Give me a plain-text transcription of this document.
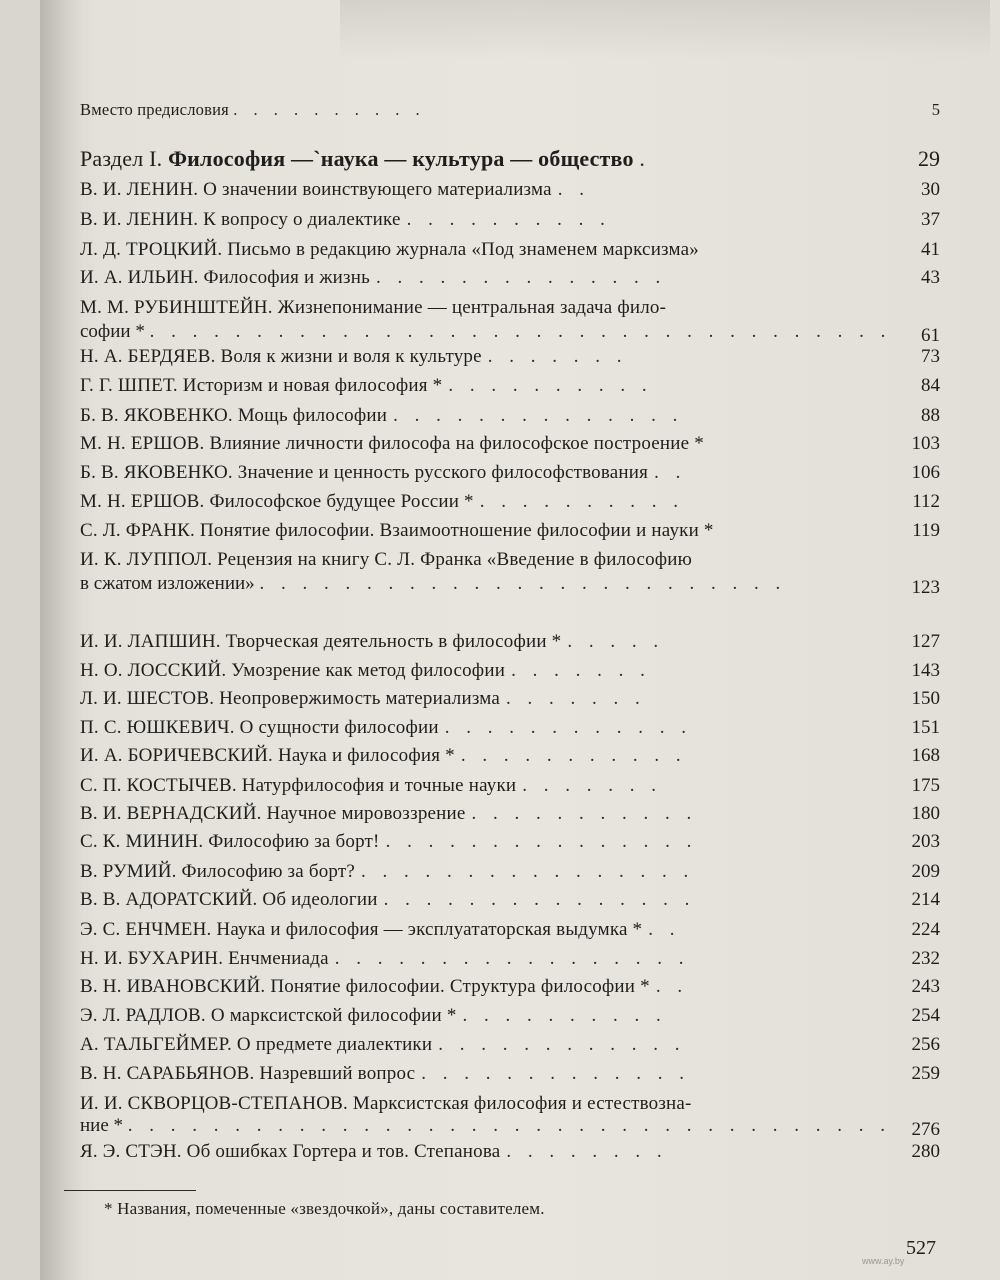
Вместо предисловия . . . . . . . . . .	5
Раздел I. Философия —`наука — культура — общество .	29
В. И. ЛЕНИН. О значении воинствующего материализма . .	30
В. И. ЛЕНИН. К вопросу о диалектике . . . . . . . . . .	37
Л. Д. ТРОЦКИЙ. Письмо в редакцию журнала «Под знаменем марксизма»	41
И. А. ИЛЬИН. Философия и жизнь . . . . . . . . . . . . . .	43
М. М. РУБИНШТЕЙН. Жизнепонимание — центральная задача фило-
софии * . . . . . . . . . . . . . . . . . . . . . . . . . . . . . . . . . . . 61
Н. А. БЕРДЯЕВ. Воля к жизни и воля к культуре . . . . . . .	73
Г. Г. ШПЕТ. Историзм и новая философия * . . . . . . . . . .	84
Б. В. ЯКОВЕНКО. Мощь философии . . . . . . . . . . . . . .	88
М. Н. ЕРШОВ. Влияние личности философа на философское построение *	103
Б. В. ЯКОВЕНКО. Значение и ценность русского философствования . .	106
М. Н. ЕРШОВ. Философское будущее России * . . . . . . . . . .	112
С. Л. ФРАНК. Понятие философии. Взаимоотношение философии и науки *	119
И. К. ЛУППОЛ. Рецензия на книгу С. Л. Франка «Введение в философию
в сжатом изложении» . . . . . . . . . . . . . . . . . . . . . . . . .	123
И. И. ЛАПШИН. Творческая деятельность в философии * . . . . .	127
Н. О. ЛОССКИЙ. Умозрение как метод философии . . . . . . .	143
Л. И. ШЕСТОВ. Неопровержимость материализма . . . . . . .	150
П. С. ЮШКЕВИЧ. О сущности философии . . . . . . . . . . . .	151
И. А. БОРИЧЕВСКИЙ. Наука и философия * . . . . . . . . . . .	168
С. П. КОСТЫЧЕВ. Натурфилософия и точные науки . . . . . . .	175
В. И. ВЕРНАДСКИЙ. Научное мировоззрение . . . . . . . . . . .	180
С. К. МИНИН. Философию за борт! . . . . . . . . . . . . . . .	203
В. РУМИЙ. Философию за борт? . . . . . . . . . . . . . . . .	209
В. В. АДОРАТСКИЙ. Об идеологии . . . . . . . . . . . . . . .	214
Э. С. ЕНЧМЕН. Наука и философия — эксплуататорская выдумка * . .	224
Н. И. БУХАРИН. Енчмениада . . . . . . . . . . . . . . . . .	232
В. Н. ИВАНОВСКИЙ. Понятие философии. Структура философии * . .	243
Э. Л. РАДЛОВ. О марксистской философии * . . . . . . . . . .	254
А. ТАЛЬГЕЙМЕР. О предмете диалектики . . . . . . . . . . . .	256
В. Н. САРАБЬЯНОВ. Назревший вопрос . . . . . . . . . . . . .	259
И. И. СКВОРЦОВ-СТЕПАНОВ. Марксистская философия и естествозна-
ние * . . . . . . . . . . . . . . . . . . . . . . . . . . . . . . . . . . . . 276
Я. Э. СТЭН. Об ошибках Гортера и тов. Степанова . . . . . . . .	280
* Названия, помеченные «звездочкой», даны составителем.
527
www.ay.by
